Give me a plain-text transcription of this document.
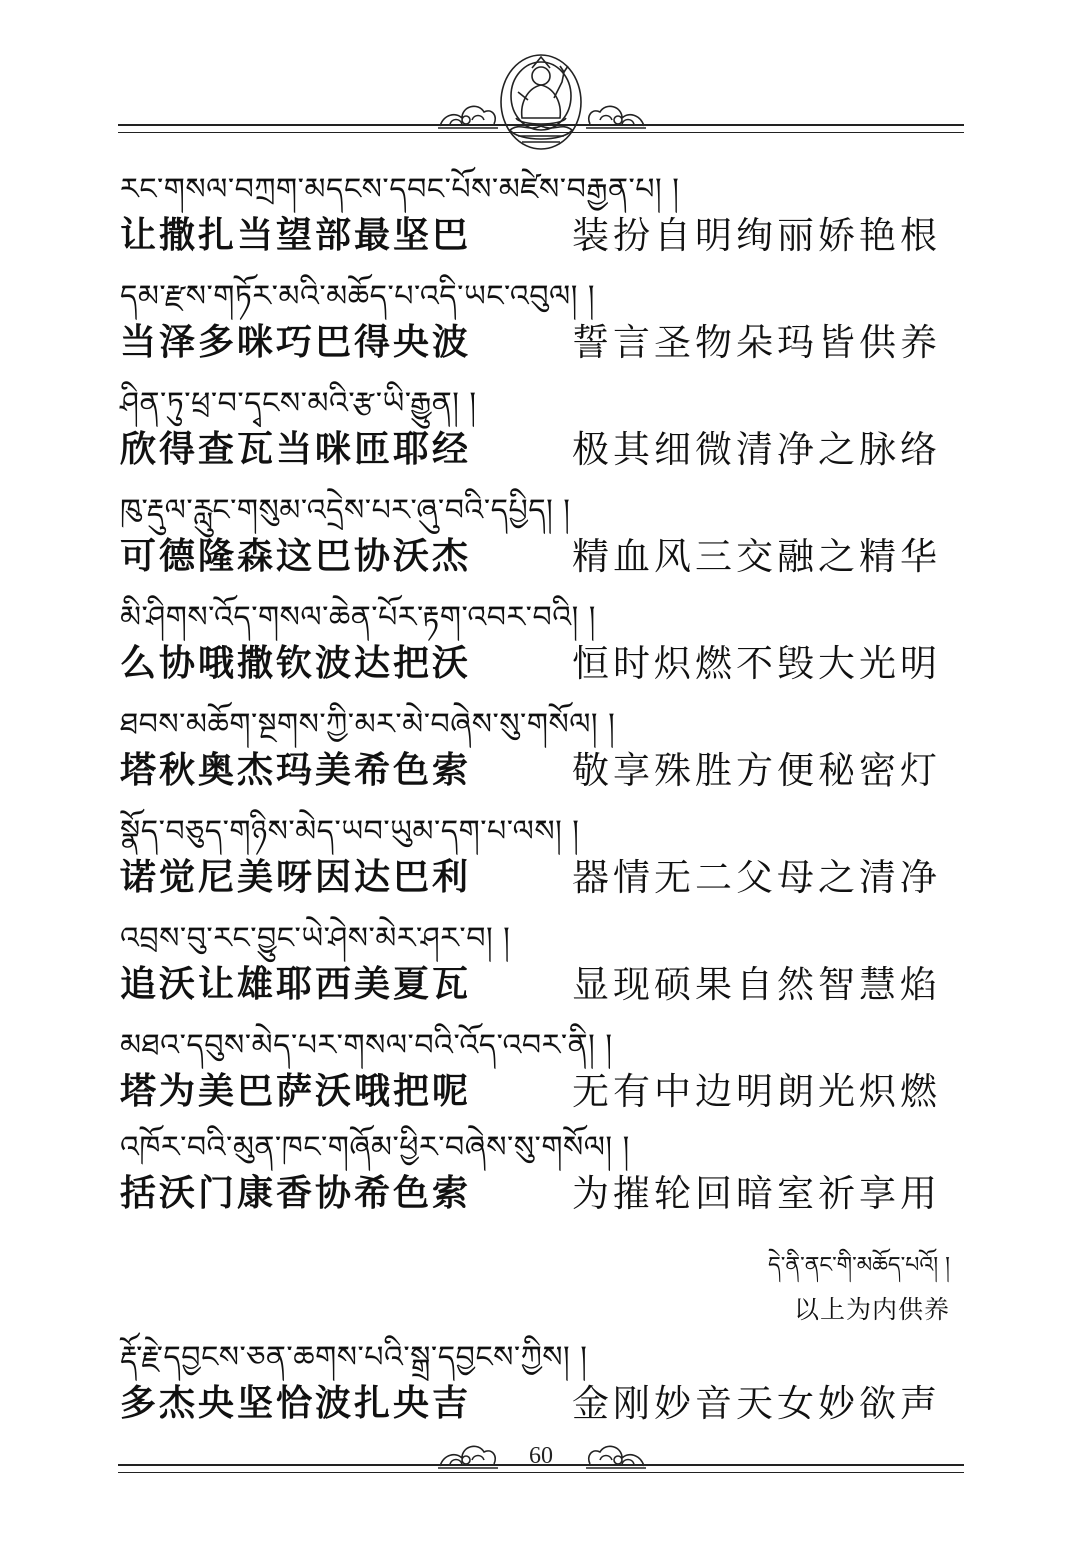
རང་གསལ་བཀྲག་མདངས་དབང་པོས་མཛེས་བརྒྱན་པ། །
让撒扎当望部最坚巴	装扮自明绚丽娇艳根
དམ་རྫས་གཏོར་མའི་མཆོད་པ་འདི་ཡང་འབུལ། །
当泽多咪巧巴得央波	誓言圣物朵玛皆供养
ཤིན་ཏུ་ཕྲ་བ་དྭངས་མའི་རྩ་ཡི་རྒྱུན། །
欣得查瓦当咪匝耶经	极其细微清净之脉络
ཁུ་རྡུལ་རླུང་གསུམ་འདྲེས་པར་ཞུ་བའི་དཔྱིད། །
可德隆森这巴协沃杰	精血风三交融之精华
མི་ཤིགས་འོད་གསལ་ཆེན་པོར་རྟག་འབར་བའི། །
么协哦撒钦波达把沃	恒时炽燃不毁大光明
ཐབས་མཆོག་སྔགས་ཀྱི་མར་མེ་བཞེས་སུ་གསོལ། །
塔秋奥杰玛美希色索	敬享殊胜方便秘密灯
སྣོད་བཅུད་གཉིས་མེད་ཡབ་ཡུམ་དག་པ་ལས། །
诺觉尼美呀因达巴利	器情无二父母之清净
འབྲས་བུ་རང་བྱུང་ཡེ་ཤེས་མེར་ཤར་བ། །
追沃让雄耶西美夏瓦	显现硕果自然智慧焰
མཐའ་དབུས་མེད་པར་གསལ་བའི་འོད་འབར་ནི། །
塔为美巴萨沃哦把呢	无有中边明朗光炽燃
འཁོར་བའི་མུན་ཁང་གཞོམ་ཕྱིར་བཞེས་སུ་གསོལ། །
括沃门康香协希色索	为摧轮回暗室祈享用
དེ་ནི་ནང་གི་མཆོད་པའོ། །
以上为内供养
རྡོ་རྗེ་དབྱངས་ཅན་ཆགས་པའི་སྒྲ་དབྱངས་ཀྱིས། །
多杰央坚恰波扎央吉	金刚妙音天女妙欲声
60
